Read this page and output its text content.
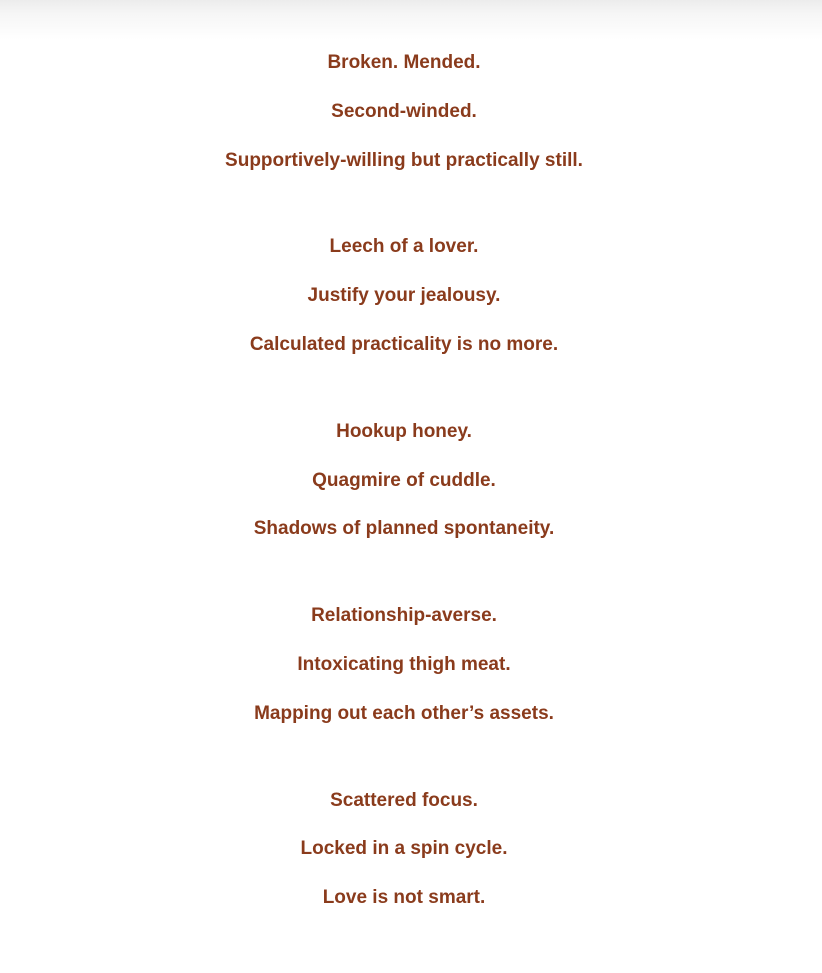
Broken. Mended.
Second-winded.
Supportively-willing but practically still.
Leech of a lover.
Justify your jealousy.
Calculated practicality is no more.
Hookup honey.
Quagmire of cuddle.
Shadows of planned spontaneity.
Relationship-averse.
Intoxicating thigh meat.
Mapping out each other’s assets.
Scattered focus.
Locked in a spin cycle.
Love is not smart.
